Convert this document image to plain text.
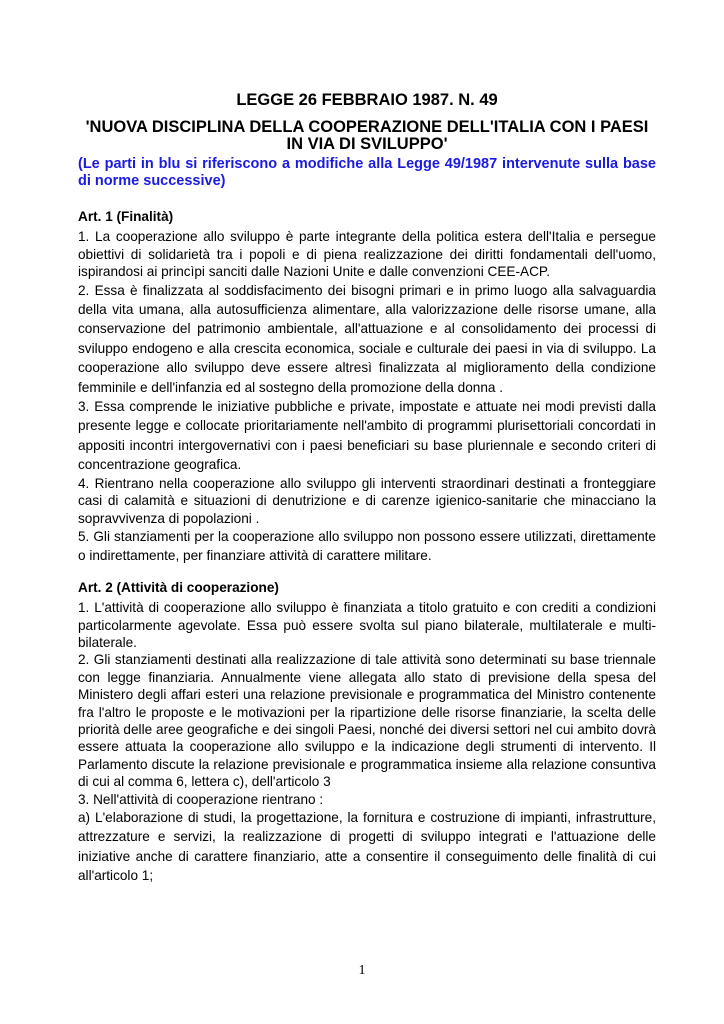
LEGGE 26 FEBBRAIO 1987. N. 49
'NUOVA DISCIPLINA DELLA COOPERAZIONE DELL'ITALIA CON I PAESI IN VIA DI SVILUPPO'

(Le parti in blu si riferiscono a modifiche alla Legge 49/1987 intervenute sulla base di norme successive)

Art. 1 (Finalità)

1. La cooperazione allo sviluppo è parte integrante della politica estera dell'Italia e persegue obiettivi di solidarietà tra i popoli e di piena realizzazione dei diritti fondamentali dell'uomo, ispirandosi ai princìpi sanciti dalle Nazioni Unite e dalle convenzioni CEE-ACP.

2. Essa è finalizzata al soddisfacimento dei bisogni primari e in primo luogo alla salvaguardia della vita umana, alla autosufficienza alimentare, alla valorizzazione delle risorse umane, alla conservazione del patrimonio ambientale, all'attuazione e al consolidamento dei processi di sviluppo endogeno e alla crescita economica, sociale e culturale dei paesi in via di sviluppo. La cooperazione allo sviluppo deve essere altresì finalizzata al miglioramento della condizione femminile e dell'infanzia ed al sostegno della promozione della donna .

3. Essa comprende le iniziative pubbliche e private, impostate e attuate nei modi previsti dalla presente legge e collocate prioritariamente nell'ambito di programmi plurisettoriali concordati in appositi incontri intergovernativi con i paesi beneficiari su base pluriennale e secondo criteri di concentrazione geografica.

4. Rientrano nella cooperazione allo sviluppo gli interventi straordinari destinati a fronteggiare casi di calamità e situazioni di denutrizione e di carenze igienico-sanitarie che minacciano la sopravvivenza di popolazioni .

5. Gli stanziamenti per la cooperazione allo sviluppo non possono essere utilizzati, direttamente o indirettamente, per finanziare attività di carattere militare.

Art. 2 (Attività di cooperazione)

1. L'attività di cooperazione allo sviluppo è finanziata a titolo gratuito e con crediti a condizioni particolarmente agevolate. Essa può essere svolta sul piano bilaterale, multilaterale e multi-bilaterale.

2. Gli stanziamenti destinati alla realizzazione di tale attività sono determinati su base triennale con legge finanziaria. Annualmente viene allegata allo stato di previsione della spesa del Ministero degli affari esteri una relazione previsionale e programmatica del Ministro contenente fra l'altro le proposte e le motivazioni per la ripartizione delle risorse finanziarie, la scelta delle priorità delle aree geografiche e dei singoli Paesi, nonché dei diversi settori nel cui ambito dovrà essere attuata la cooperazione allo sviluppo e la indicazione degli strumenti di intervento. Il Parlamento discute la relazione previsionale e programmatica insieme alla relazione consuntiva di cui al comma 6, lettera c), dell'articolo 3

3. Nell'attività di cooperazione rientrano :

a) L'elaborazione di studi, la progettazione, la fornitura e costruzione di impianti, infrastrutture, attrezzature e servizi, la realizzazione di progetti di sviluppo integrati e l'attuazione delle iniziative anche di carattere finanziario, atte a consentire il conseguimento delle finalità di cui all'articolo 1;

1
